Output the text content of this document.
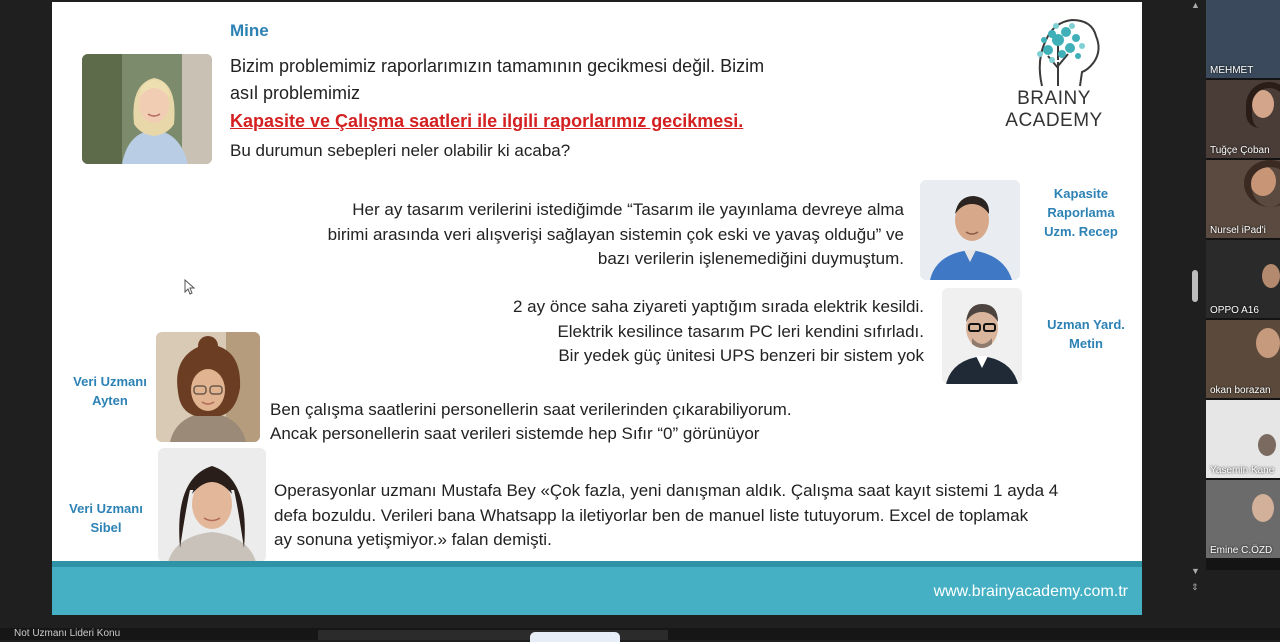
Mine
Bizim problemimiz raporlarımızın tamamının gecikmesi değil. Bizim
asıl problemimiz
Kapasite ve Çalışma saatleri ile ilgili raporlarımız gecikmesi.
Bu durumun sebepleri neler olabilir ki acaba?
BRAINY ACADEMY
Her ay tasarım verilerini istediğimde “Tasarım ile yayınlama devreye alma
birimi arasında veri alışverişi sağlayan sistemin çok eski ve yavaş olduğu” ve
bazı verilerin işlenemediğini duymuştum.
Kapasite
Raporlama
Uzm. Recep
2 ay önce saha ziyareti yaptığım sırada elektrik kesildi.
Elektrik kesilince tasarım PC leri kendini sıfırladı.
Bir yedek güç ünitesi UPS benzeri bir sistem yok
Uzman Yard.
Metin
Veri Uzmanı
Ayten	Ben çalışma saatlerini personellerin saat verilerinden çıkarabiliyorum.
Ancak personellerin saat verileri sistemde hep Sıfır “0” görünüyor
Veri Uzmanı
Sibel
Operasyonlar uzmanı Mustafa Bey «Çok fazla, yeni danışman aldık. Çalışma saat kayıt sistemi 1 ayda 4
defa bozuldu. Verileri bana Whatsapp la iletiyorlar ben de manuel liste tutuyorum. Excel de toplamak
ay sonuna yetişmiyor.» falan demişti.
www.brainyacademy.com.tr
▲
▼
⇕
MEHMET
Tuğçe Çoban
Nursel iPad'i
OPPO A16
okan borazan
Yasemin Kane
Emine C.ÖZD
Not Uzmanı Lideri Konu
